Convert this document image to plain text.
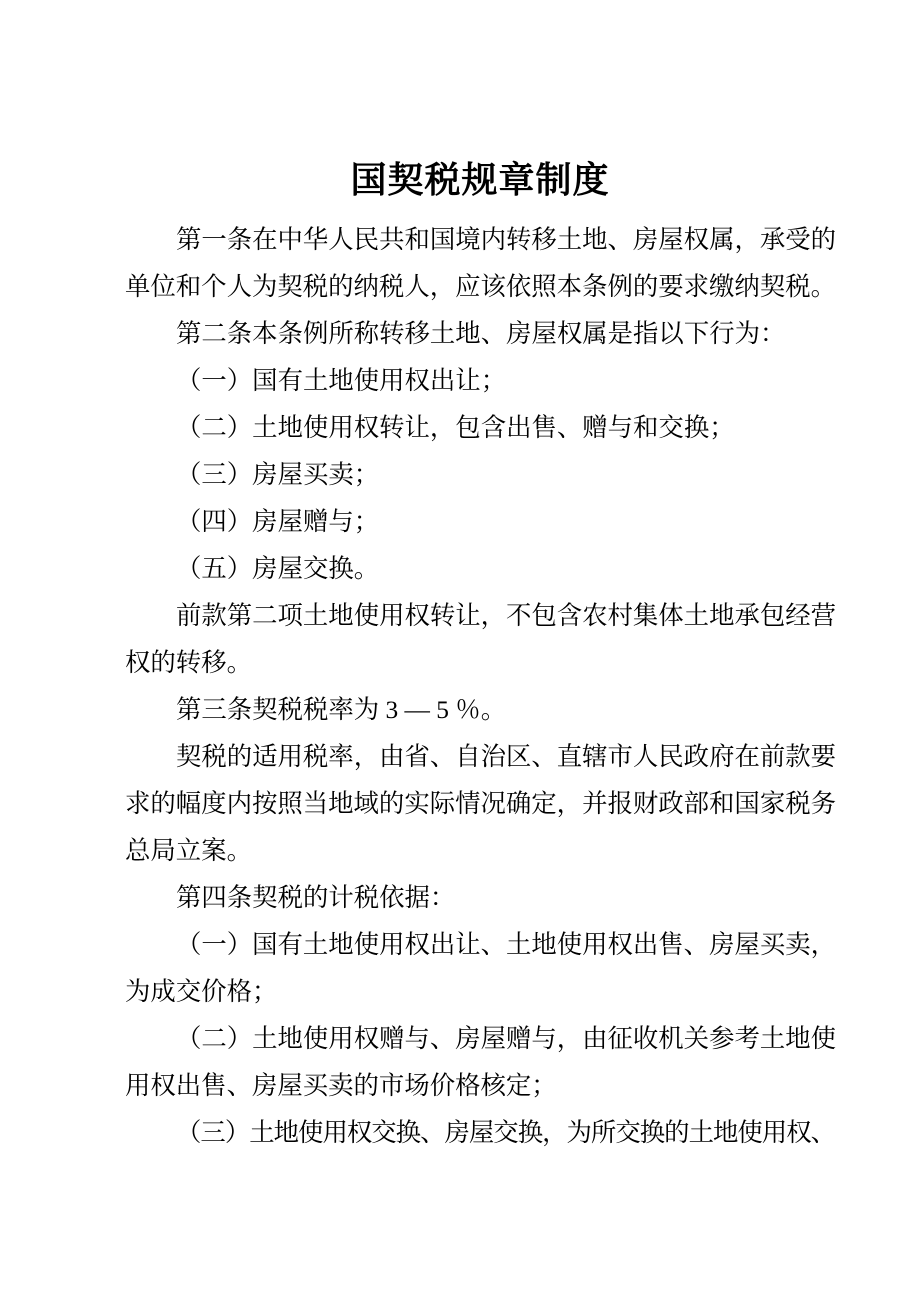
国契税规章制度
第一条在中华人民共和国境内转移土地、房屋权属，承受的
单位和个人为契税的纳税人，应该依照本条例的要求缴纳契税。
第二条本条例所称转移土地、房屋权属是指以下行为：
（一）国有土地使用权出让；
（二）土地使用权转让，包含出售、赠与和交换；
（三）房屋买卖；
（四）房屋赠与；
（五）房屋交换。
前款第二项土地使用权转让，不包含农村集体土地承包经营
权的转移。
第三条契税税率为 3 — 5 ％。
契税的适用税率，由省、自治区、直辖市人民政府在前款要
求的幅度内按照当地域的实际情况确定，并报财政部和国家税务
总局立案。
第四条契税的计税依据：
（一）国有土地使用权出让、土地使用权出售、房屋买卖，
为成交价格；
（二）土地使用权赠与、房屋赠与，由征收机关参考土地使
用权出售、房屋买卖的市场价格核定；
（三）土地使用权交换、房屋交换，为所交换的土地使用权、
